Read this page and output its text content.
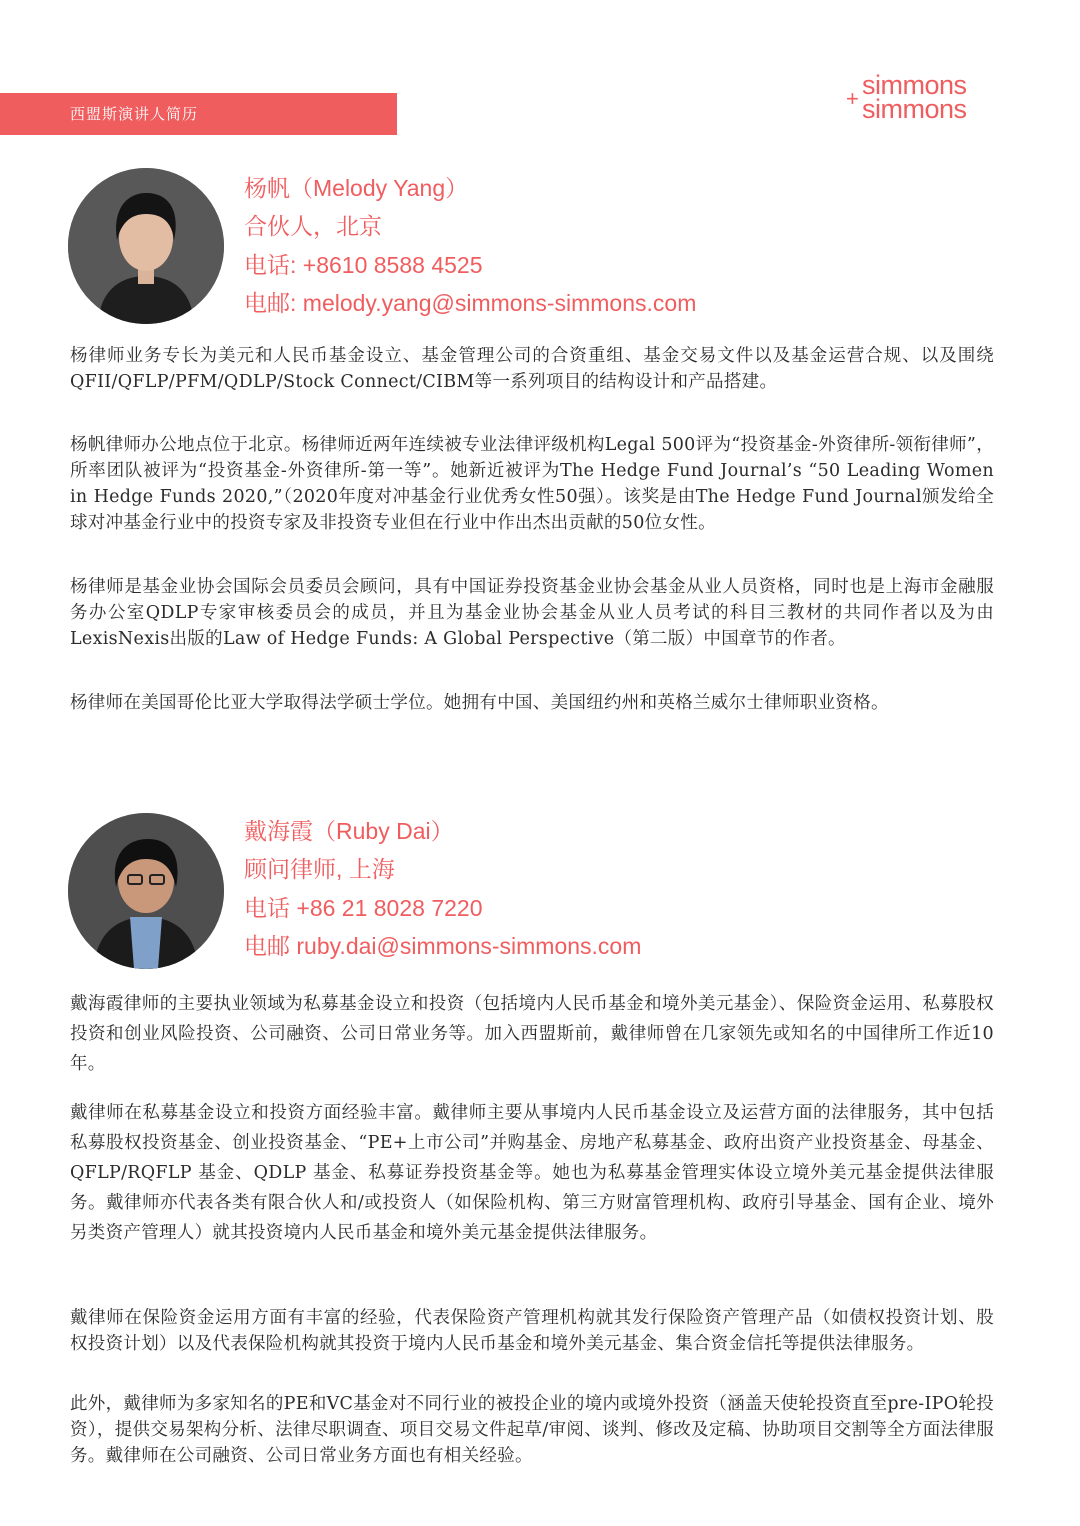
西盟斯演讲人简历
simmons
+ simmons
杨帆（Melody Yang）
合伙人，北京
电话: +8610 8588 4525
电邮: melody.yang@simmons-simmons.com

杨律师业务专长为美元和人民币基金设立、基金管理公司的合资重组、基金交易文件以及基金运营合规、以及围绕QFII/QFLP/PFM/QDLP/Stock Connect/CIBM等一系列项目的结构设计和产品搭建。

杨帆律师办公地点位于北京。杨律师近两年连续被专业法律评级机构Legal 500评为“投资基金-外资律所-领衔律师”，所率团队被评为“投资基金-外资律所-第一等”。她新近被评为The Hedge Fund Journal’s “50 Leading Women in Hedge Funds 2020,”（2020年度对冲基金行业优秀女性50强）。该奖是由The Hedge Fund Journal颁发给全球对冲基金行业中的投资专家及非投资专业但在行业中作出杰出贡献的50位女性。

杨律师是基金业协会国际会员委员会顾问，具有中国证券投资基金业协会基金从业人员资格，同时也是上海市金融服务办公室QDLP专家审核委员会的成员，并且为基金业协会基金从业人员考试的科目三教材的共同作者以及为由LexisNexis出版的Law of Hedge Funds: A Global Perspective（第二版）中国章节的作者。

杨律师在美国哥伦比亚大学取得法学硕士学位。她拥有中国、美国纽约州和英格兰威尔士律师职业资格。

戴海霞（Ruby Dai）
顾问律师, 上海
电话 +86 21 8028 7220
电邮 ruby.dai@simmons-simmons.com

戴海霞律师的主要执业领域为私募基金设立和投资（包括境内人民币基金和境外美元基金）、保险资金运用、私募股权投资和创业风险投资、公司融资、公司日常业务等。加入西盟斯前，戴律师曾在几家领先或知名的中国律所工作近10年。

戴律师在私募基金设立和投资方面经验丰富。戴律师主要从事境内人民币基金设立及运营方面的法律服务，其中包括私募股权投资基金、创业投资基金、“PE+上市公司”并购基金、房地产私募基金、政府出资产业投资基金、母基金、QFLP/RQFLP 基金、QDLP 基金、私募证券投资基金等。她也为私募基金管理实体设立境外美元基金提供法律服务。戴律师亦代表各类有限合伙人和/或投资人（如保险机构、第三方财富管理机构、政府引导基金、国有企业、境外另类资产管理人）就其投资境内人民币基金和境外美元基金提供法律服务。

戴律师在保险资金运用方面有丰富的经验，代表保险资产管理机构就其发行保险资产管理产品（如债权投资计划、股权投资计划）以及代表保险机构就其投资于境内人民币基金和境外美元基金、集合资金信托等提供法律服务。

此外，戴律师为多家知名的PE和VC基金对不同行业的被投企业的境内或境外投资（涵盖天使轮投资直至pre-IPO轮投资），提供交易架构分析、法律尽职调查、项目交易文件起草/审阅、谈判、修改及定稿、协助项目交割等全方面法律服务。戴律师在公司融资、公司日常业务方面也有相关经验。
